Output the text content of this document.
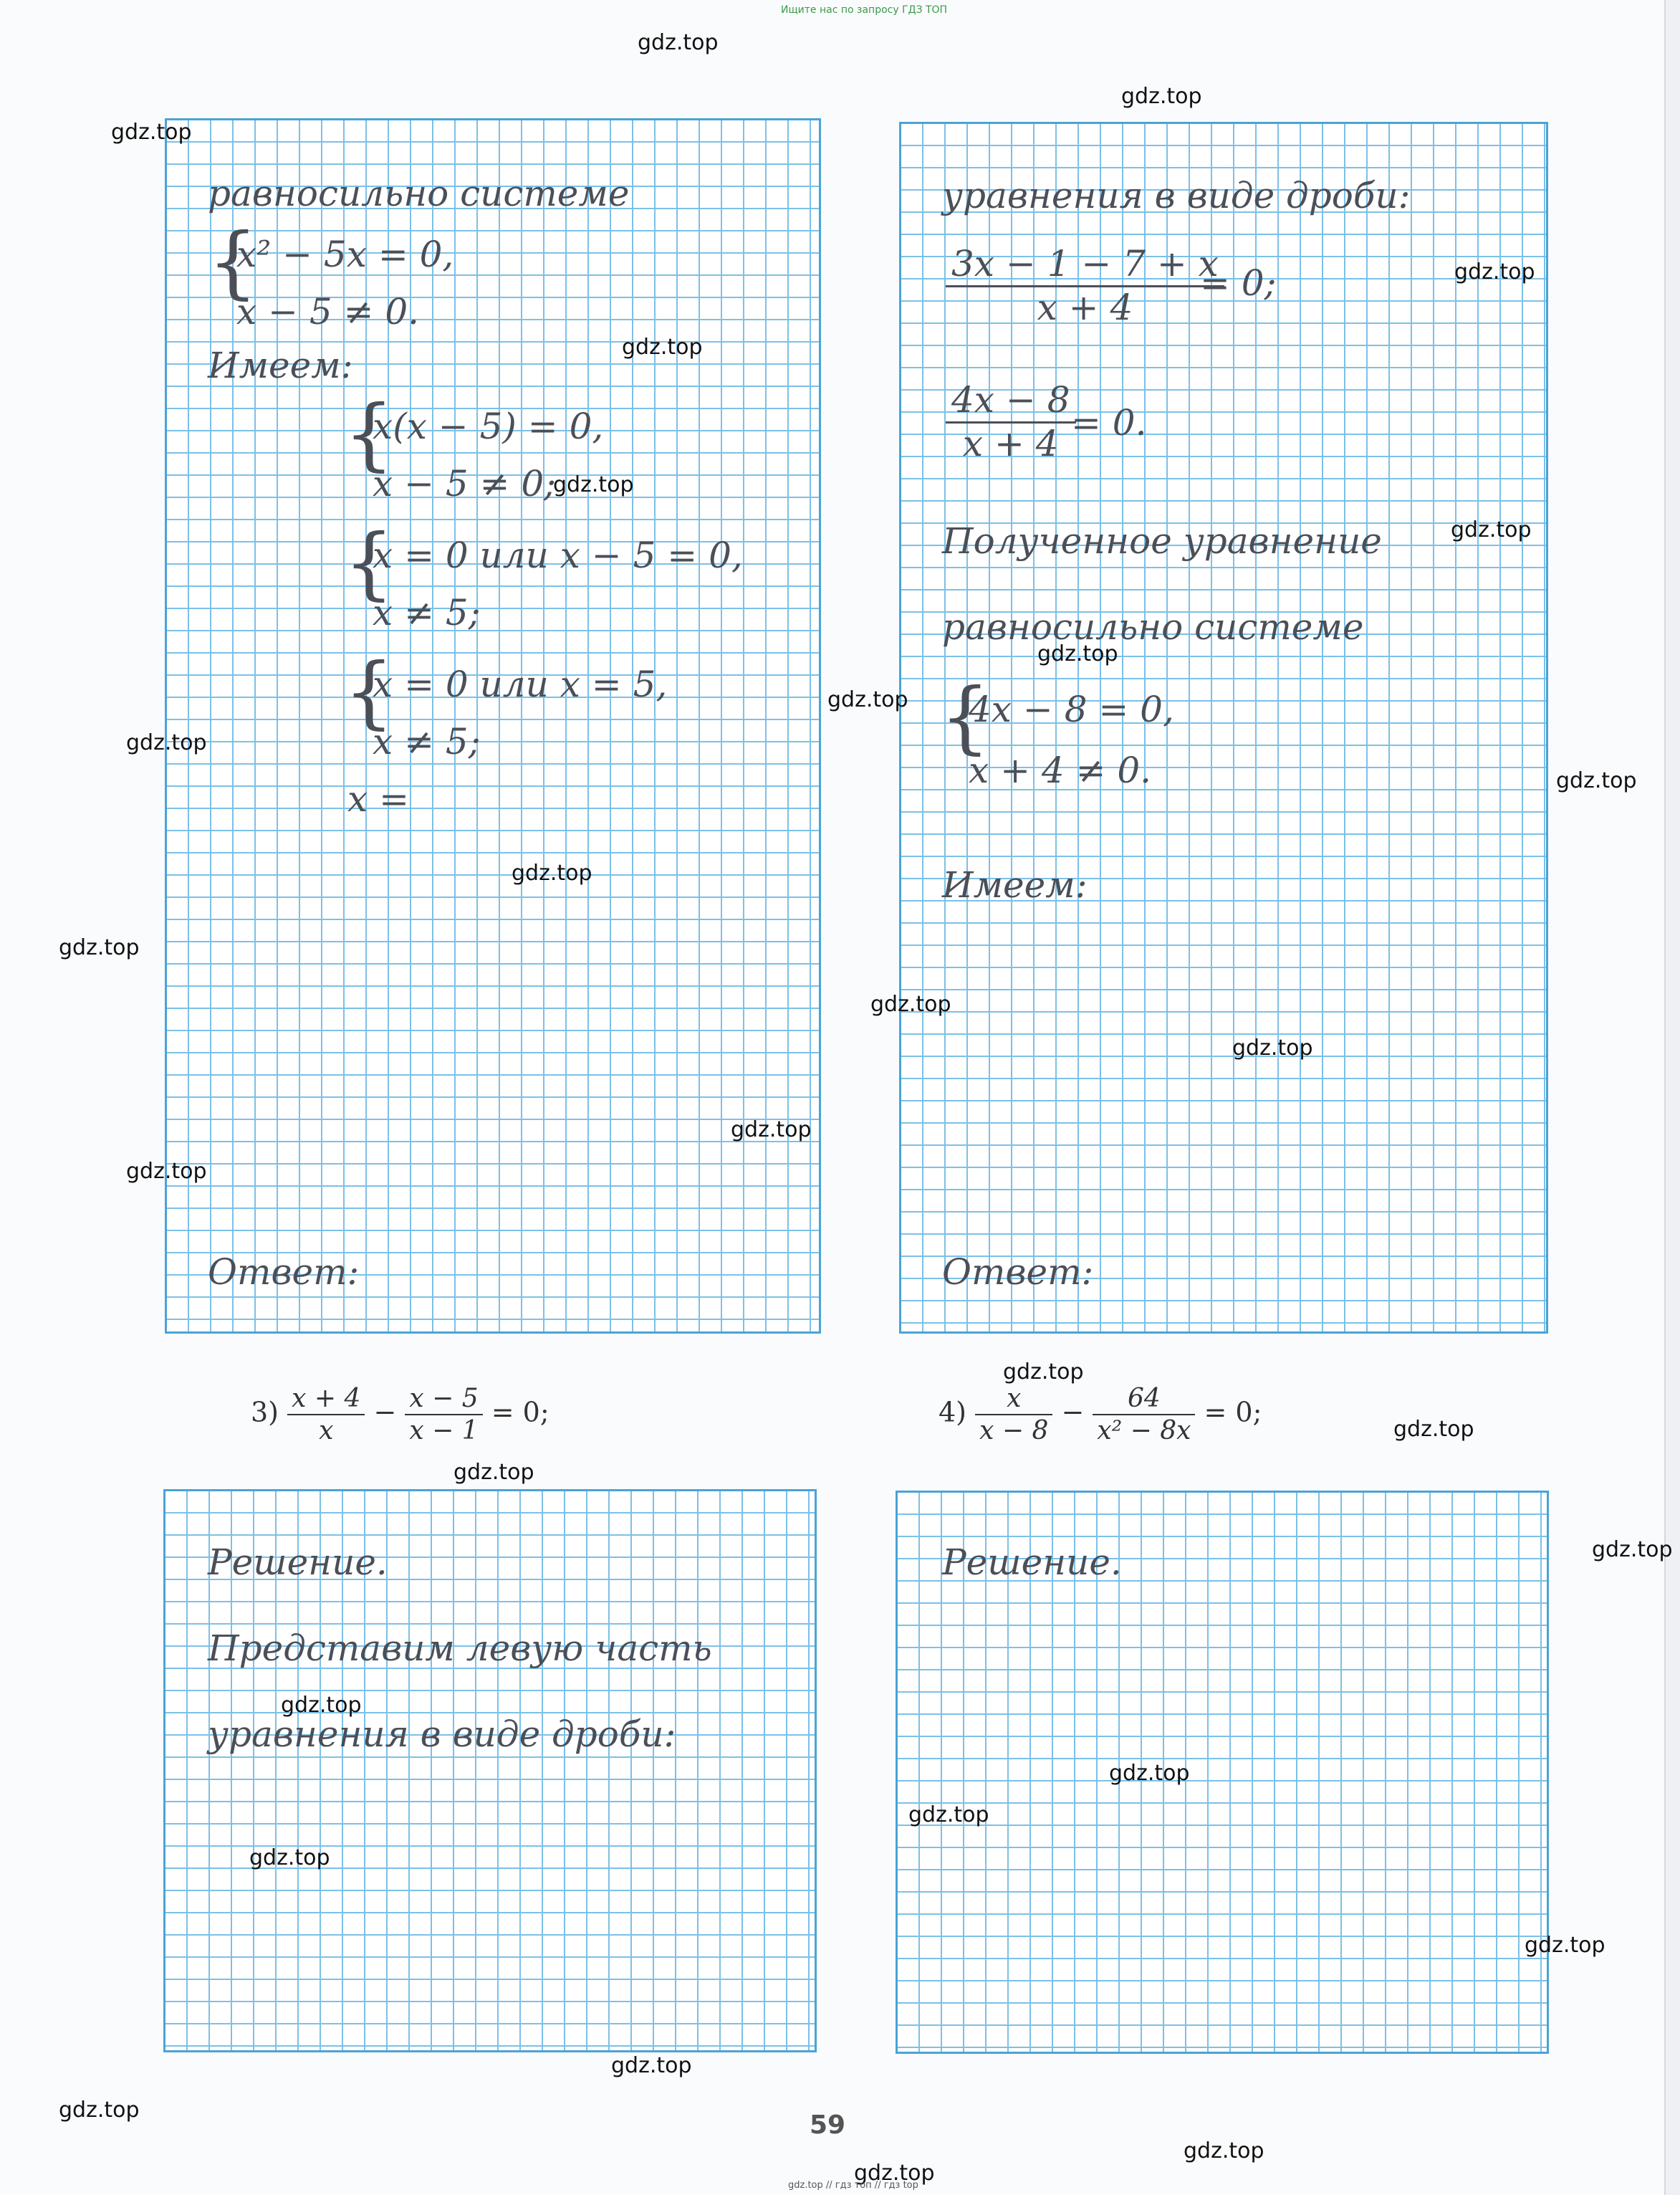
Ищите нас по запросу ГДЗ ТОП
равносильно системе
{
x² − 5x = 0,
x − 5 ≠ 0.
Имеем:
{
x(x − 5) = 0,
x − 5 ≠ 0;
{
x = 0 или x − 5 = 0,
x ≠ 5;
{
x = 0 или x = 5,
x ≠ 5;
x =
Ответ:
уравнения в виде дроби:
$\frac{3x - 1 - 7 + x}{x + 4}$
= 0;
$\frac{4x - 8}{x + 4}$
= 0.
Полученное уравнение
равносильно системе
{
4x − 8 = 0,
x + 4 ≠ 0.
Имеем:
Ответ:
$3) \frac{x + 4}{x} - \frac{x - 5}{x - 1} = 0$;	$4) \frac{x}{x - 8} - \frac{64}{\text{x² − 8x}} = 0$;
Решение.
Представим левую часть
уравнения в виде дроби:
Решение.
59
gdz.top
gdz.top
gdz.top
gdz.top
gdz.top
gdz.top
gdz.top
gdz.top
gdz.top
gdz.top
gdz.top
gdz.top
gdz.top
gdz.top
gdz.top
gdz.top
gdz.top
gdz.top
gdz.top
gdz.top
gdz.top
gdz.top
gdz.top
gdz.top
gdz.top
gdz.top
gdz.top
gdz.top
gdz.top
gdz.top
gdz.top // гдз топ // гдз top
